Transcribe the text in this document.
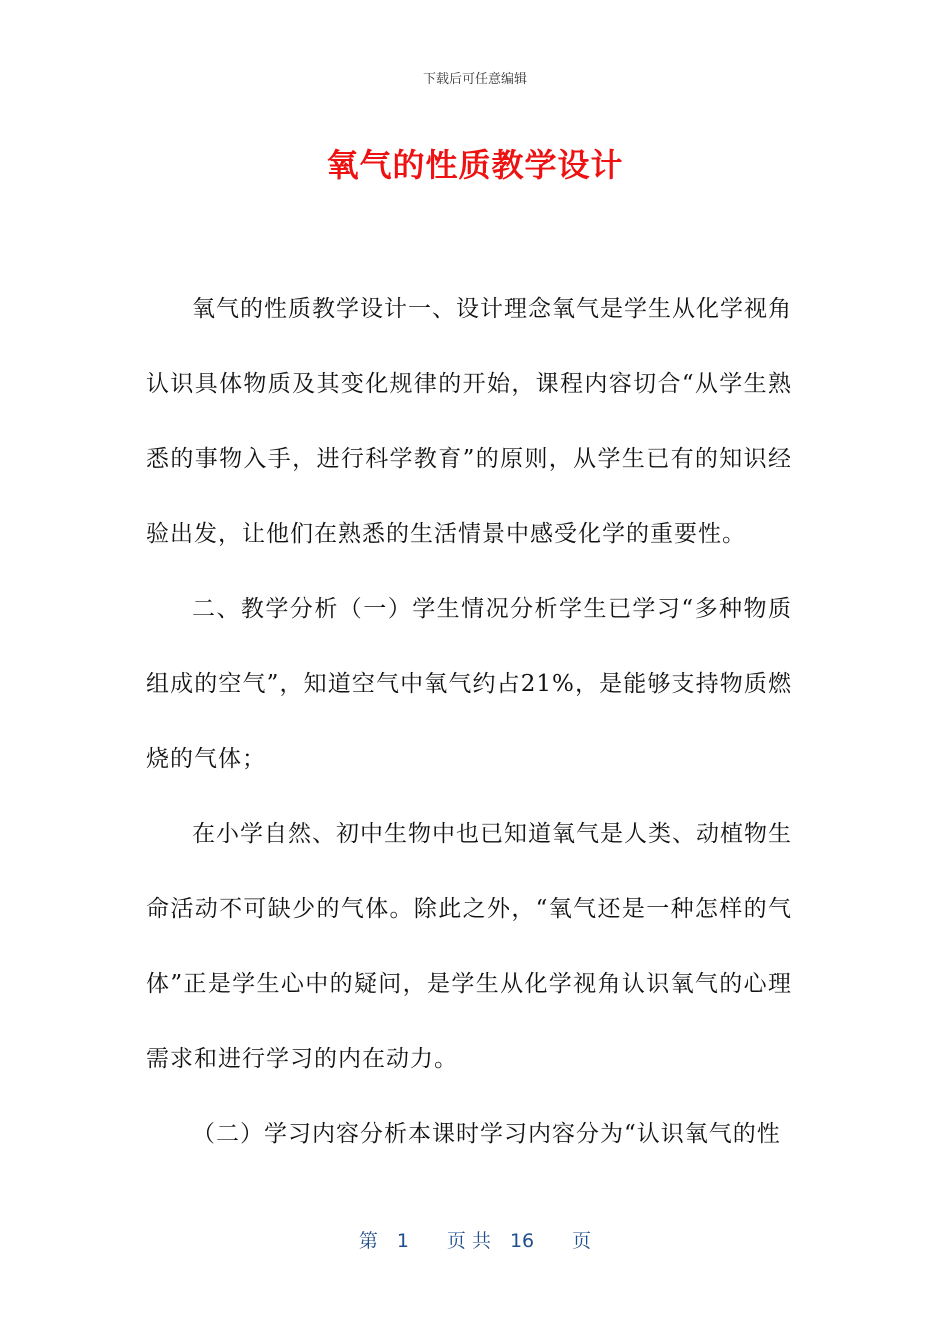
下载后可任意编辑
氧气的性质教学设计

氧气的性质教学设计一、设计理念氧气是学生从化学视角认识具体物质及其变化规律的开始，课程内容切合“从学生熟悉的事物入手，进行科学教育”的原则，从学生已有的知识经验出发，让他们在熟悉的生活情景中感受化学的重要性。

二、教学分析（一）学生情况分析学生已学习“多种物质组成的空气”，知道空气中氧气约占21%，是能够支持物质燃烧的气体；

在小学自然、初中生物中也已知道氧气是人类、动植物生命活动不可缺少的气体。除此之外，“氧气还是一种怎样的气体”正是学生心中的疑问，是学生从化学视角认识氧气的心理需求和进行学习的内在动力。

（二）学习内容分析本课时学习内容分为“认识氧气的性

第　1　　页 共　16　　页
